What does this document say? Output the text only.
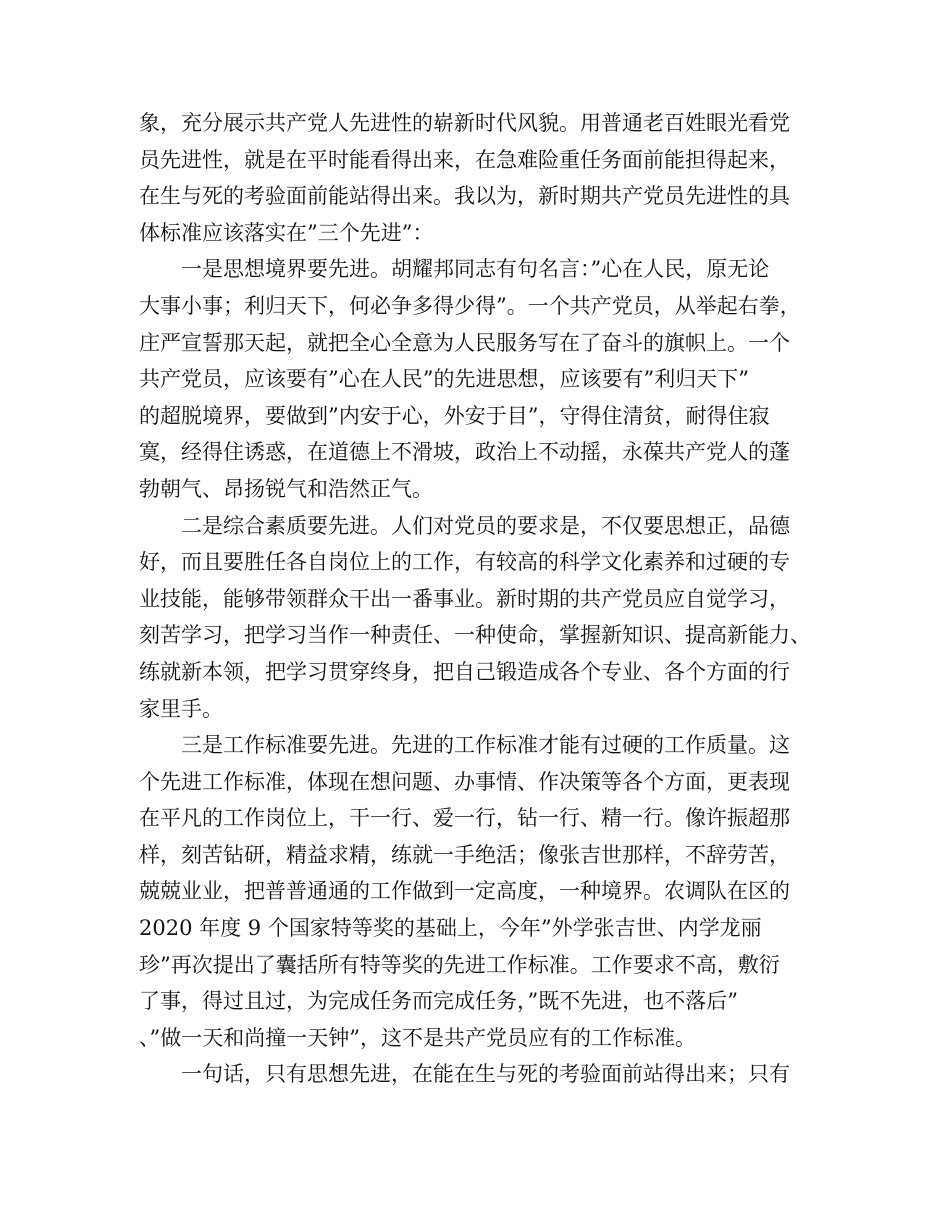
象，充分展示共产党人先进性的崭新时代风貌。用普通老百姓眼光看党
员先进性，就是在平时能看得出来，在急难险重任务面前能担得起来，
在生与死的考验面前能站得出来。我以为，新时期共产党员先进性的具
体标准应该落实在”三个先进”：
　　一是思想境界要先进。胡耀邦同志有句名言：”心在人民，原无论
大事小事；利归天下，何必争多得少得”。一个共产党员，从举起右拳，
庄严宣誓那天起，就把全心全意为人民服务写在了奋斗的旗帜上。一个
共产党员，应该要有”心在人民”的先进思想，应该要有”利归天下”
的超脱境界，要做到”内安于心，外安于目”，守得住清贫，耐得住寂
寞，经得住诱惑，在道德上不滑坡，政治上不动摇，永葆共产党人的蓬
勃朝气、昂扬锐气和浩然正气。
　　二是综合素质要先进。人们对党员的要求是，不仅要思想正，品德
好，而且要胜任各自岗位上的工作，有较高的科学文化素养和过硬的专
业技能，能够带领群众干出一番事业。新时期的共产党员应自觉学习，
刻苦学习，把学习当作一种责任、一种使命，掌握新知识、提高新能力、
练就新本领，把学习贯穿终身，把自己锻造成各个专业、各个方面的行
家里手。
　　三是工作标准要先进。先进的工作标准才能有过硬的工作质量。这
个先进工作标准，体现在想问题、办事情、作决策等各个方面，更表现
在平凡的工作岗位上，干一行、爱一行，钻一行、精一行。像许振超那
样，刻苦钻研，精益求精，练就一手绝活；像张吉世那样，不辞劳苦，
兢兢业业，把普普通通的工作做到一定高度，一种境界。农调队在区的
2020 年度 9 个国家特等奖的基础上，今年”外学张吉世、内学龙丽
珍”再次提出了囊括所有特等奖的先进工作标准。工作要求不高，敷衍
了事，得过且过，为完成任务而完成任务，”既不先进，也不落后”
、”做一天和尚撞一天钟”，这不是共产党员应有的工作标准。
　　一句话，只有思想先进，在能在生与死的考验面前站得出来；只有
